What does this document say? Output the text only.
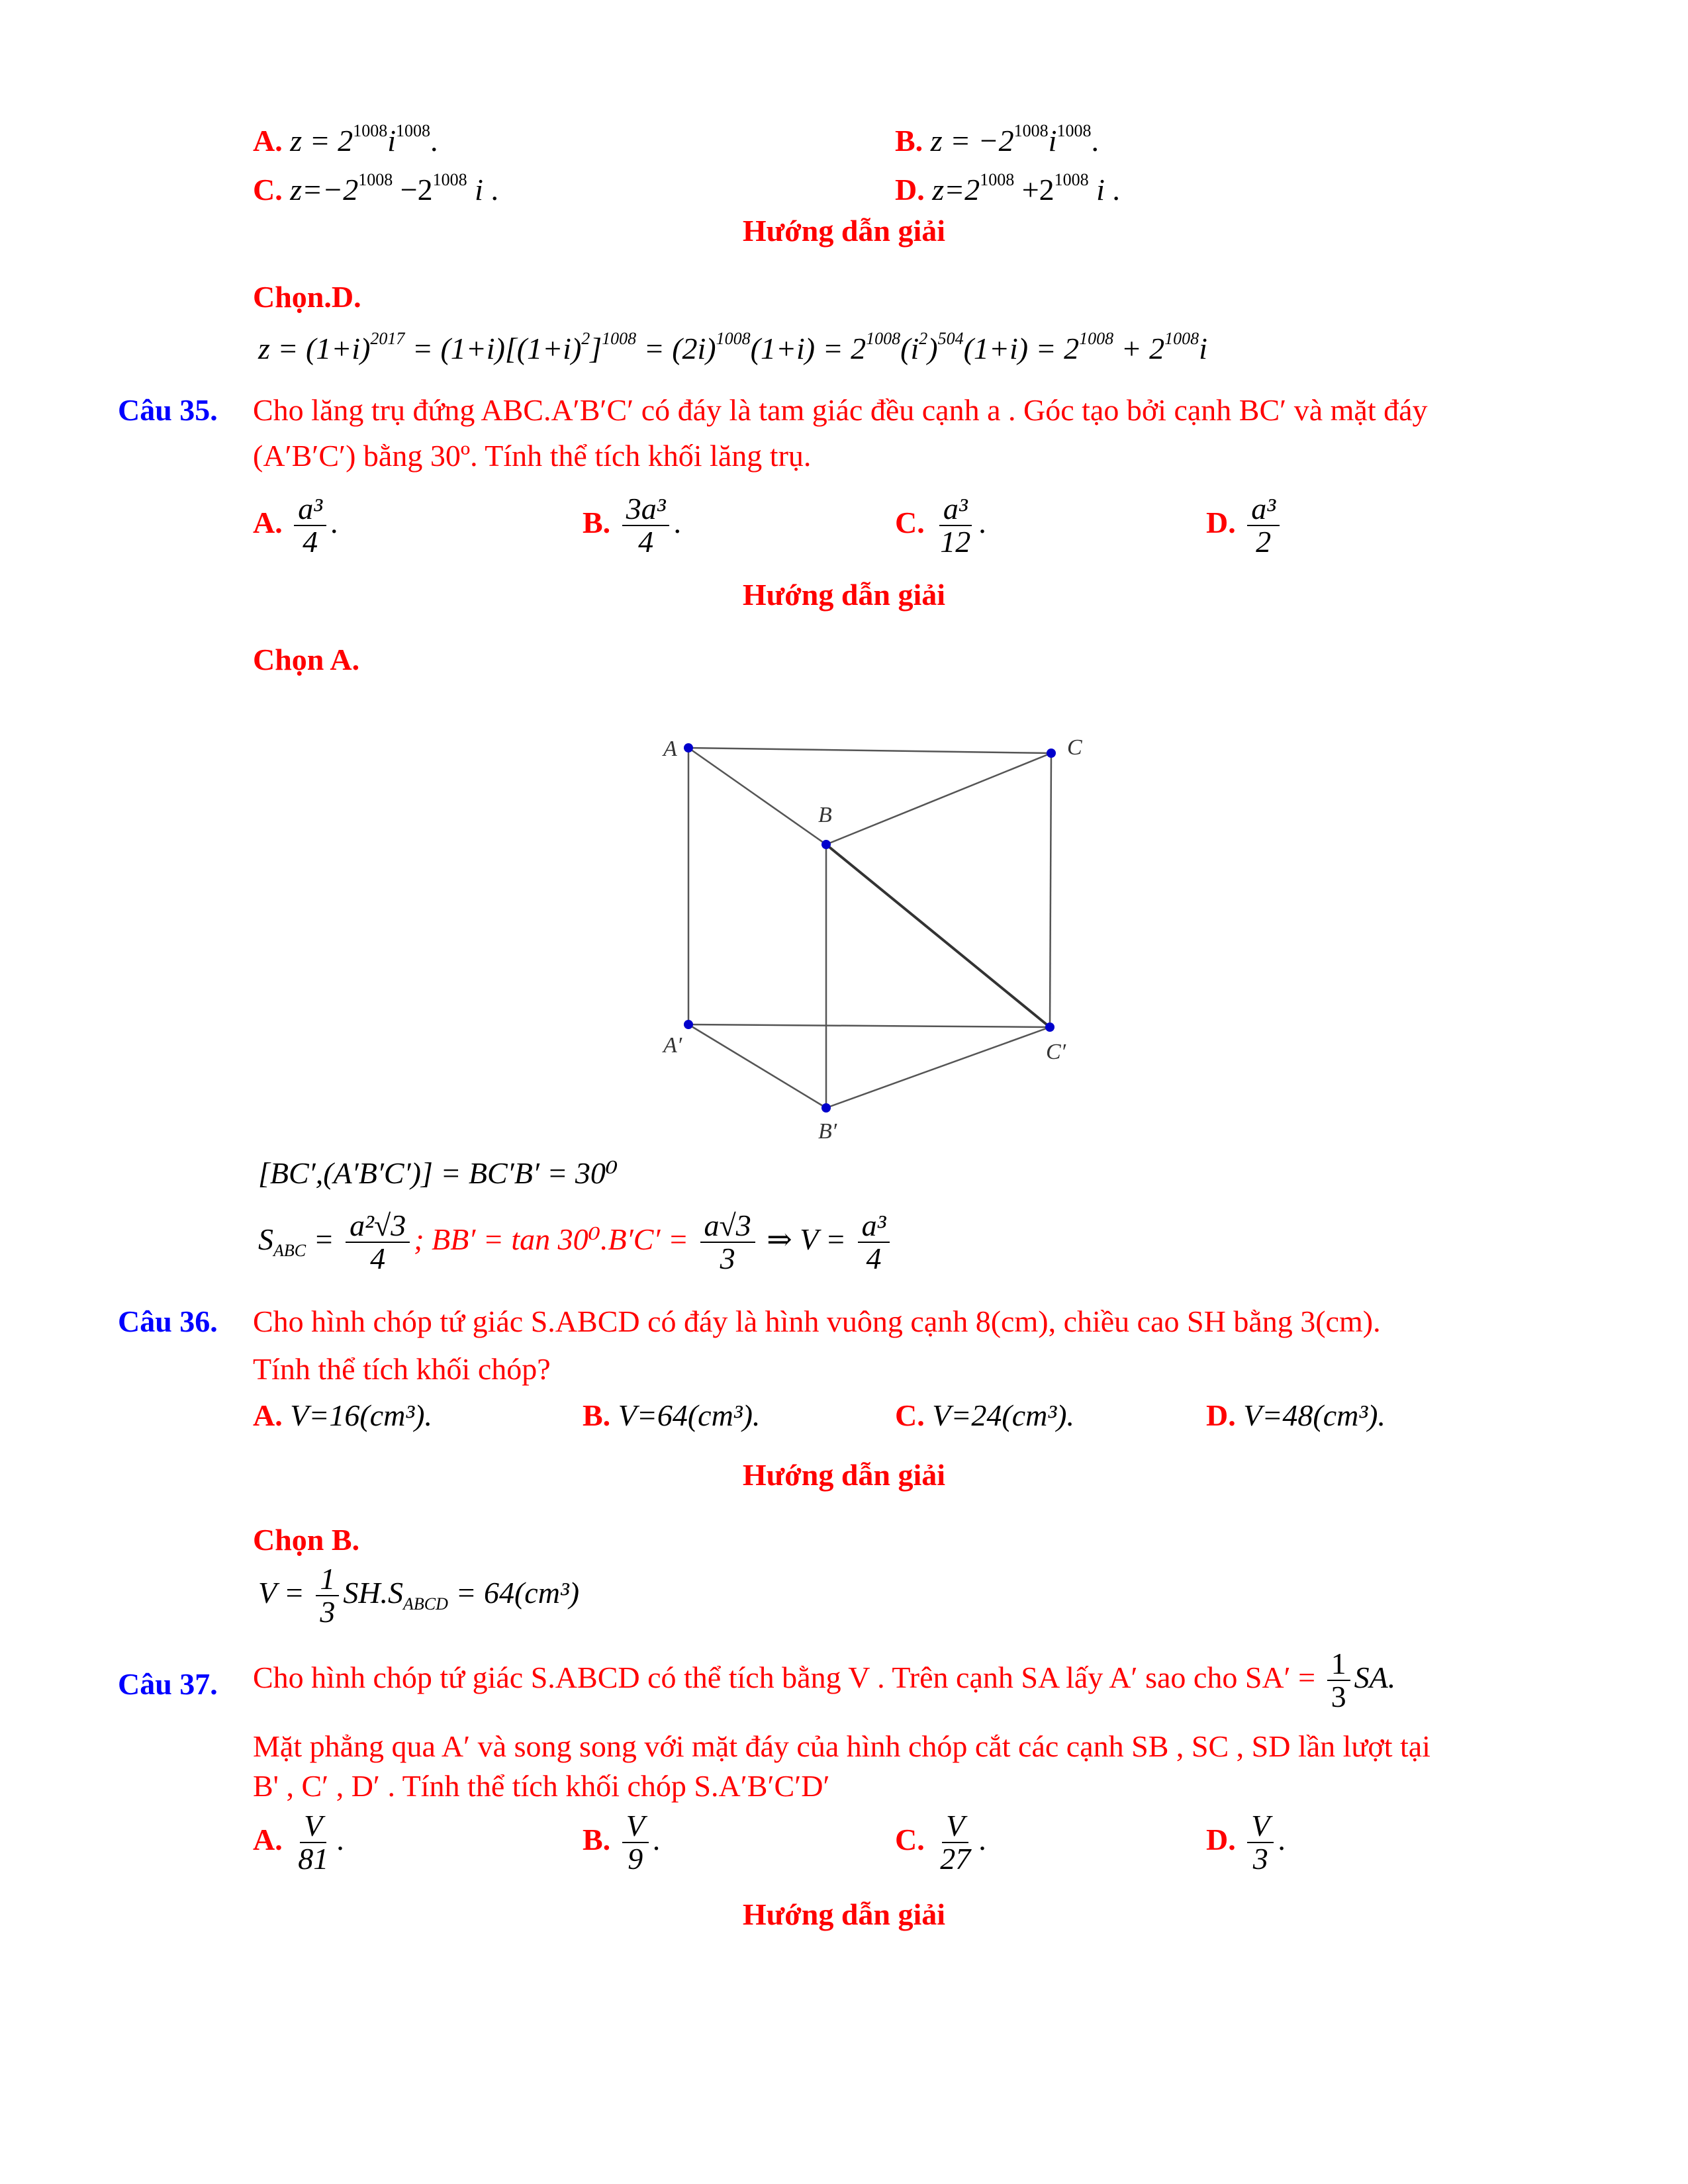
A. $z = 2^{1008}i^{1008}$.	B. $z = -2^{1008}i^{1008}$.
C. $z=-2^{1008} -2^{1008}$ i .	D. $z=2^{1008} +2^{1008}$ i .
Hướng dẫn giải
Chọn.D.
$z = (1+i)^{2017} = (1+i)[(1+i)^2]^{1008} = (2i)^{1008}(1+i) = 2^{1008}(i^2)^{504}(1+i) = 2^{1008} + 2^{1008}i$
Câu 35. Cho lăng trụ đứng ABC.A′B′C′ có đáy là tam giác đều cạnh a . Góc tạo bởi cạnh BC′ và mặt đáy
(A′B′C′) bằng 30º. Tính thể tích khối lăng trụ.
A. $\frac{\text{a³}}{4}$ .	B. $\frac{\text{3a³}}{4}$ .	C. $\frac{\text{a³}}{12}$ .	D. $\frac{\text{a³}}{2}$
Hướng dẫn giải
Chọn A.
A	C
B
A′	C′
B′
[BC′,(A′B′C′)] = BC′B′ = 30⁰
$S_{ABC} = \frac{\text{a²√3}}{4}$ ; $BB' = \tan 30^0.B'C' = \frac{a√3}{3}$ ⇒ $V = \frac{\text{a³}}{4}$
Câu 36. Cho hình chóp tứ giác S.ABCD có đáy là hình vuông cạnh 8(cm), chiều cao SH bằng 3(cm).
Tính thể tích khối chóp?
A. V=16(cm³).	B. V=64(cm³).	C. V=24(cm³).	D. V=48(cm³).
Hướng dẫn giải
Chọn B.
$V = \frac{1}{3} SH.S_{ABCD} = 64(cm^3)$
Câu 37. Cho hình chóp tứ giác S.ABCD có thể tích bằng V . Trên cạnh SA lấy A′ sao cho $SA' = \frac{1}{3}$ SA.
Mặt phẳng qua A′ và song song với mặt đáy của hình chóp cắt các cạnh SB , SC , SD lần lượt tại
B' , C′ , D′ . Tính thể tích khối chóp S.A′B′C′D′
A. $\frac{V}{81}$ .	B. $\frac{V}{9}$ .	C. $\frac{V}{27}$ .	D. $\frac{V}{3}$ .
Hướng dẫn giải
